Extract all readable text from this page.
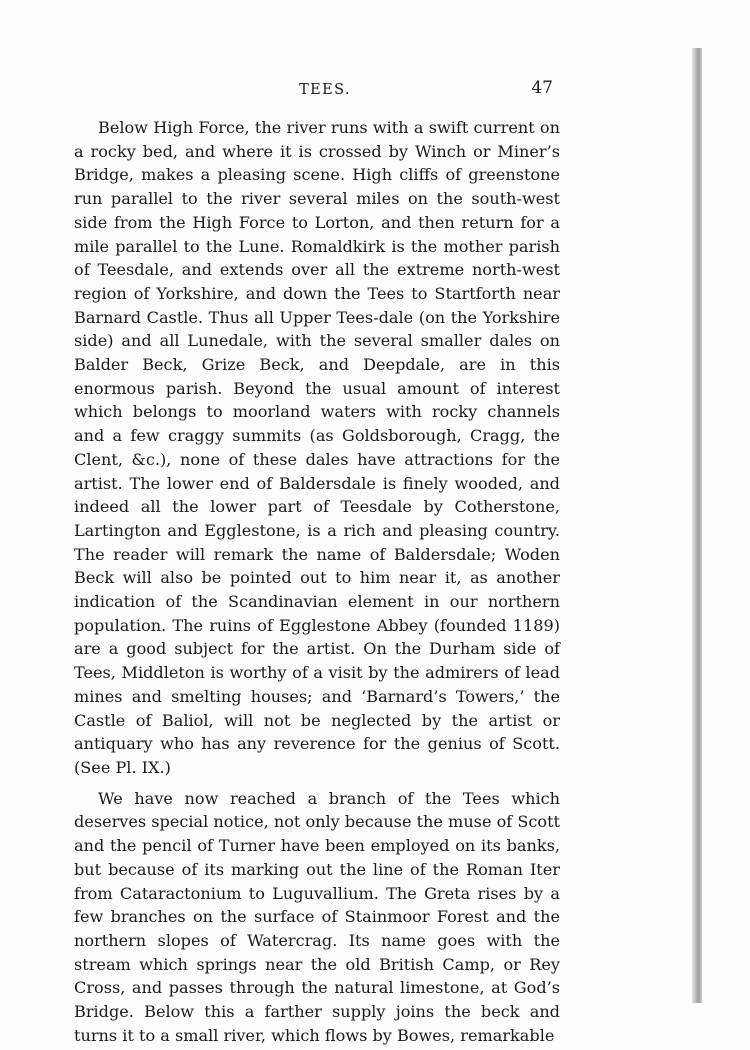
TEES.	47

Below High Force, the river runs with a swift current on a rocky bed, and where it is crossed by Winch or Miner’s Bridge, makes a pleasing scene. High cliffs of greenstone run parallel to the river several miles on the south-west side from the High Force to Lorton, and then return for a mile parallel to the Lune. Romaldkirk is the mother parish of Teesdale, and extends over all the extreme north-west region of Yorkshire, and down the Tees to Startforth near Barnard Castle. Thus all Upper Tees-dale (on the Yorkshire side) and all Lunedale, with the several smaller dales on Balder Beck, Grize Beck, and Deepdale, are in this enormous parish. Beyond the usual amount of interest which belongs to moorland waters with rocky channels and a few craggy summits (as Goldsborough, Cragg, the Clent, &c.), none of these dales have attractions for the artist. The lower end of Baldersdale is finely wooded, and indeed all the lower part of Teesdale by Cotherstone, Lartington and Egglestone, is a rich and pleasing country. The reader will remark the name of Baldersdale; Woden Beck will also be pointed out to him near it, as another indication of the Scandinavian element in our northern population. The ruins of Egglestone Abbey (founded 1189) are a good subject for the artist. On the Durham side of Tees, Middleton is worthy of a visit by the admirers of lead mines and smelting houses; and ‘Barnard’s Towers,’ the Castle of Baliol, will not be neglected by the artist or antiquary who has any reverence for the genius of Scott. (See Pl. IX.)

We have now reached a branch of the Tees which deserves special notice, not only because the muse of Scott and the pencil of Turner have been employed on its banks, but because of its marking out the line of the Roman Iter from Cataractonium to Luguvallium. The Greta rises by a few branches on the surface of Stainmoor Forest and the northern slopes of Watercrag. Its name goes with the stream which springs near the old British Camp, or Rey Cross, and passes through the natural limestone, at God’s Bridge. Below this a farther supply joins the beck and turns it to a small river, which flows by Bowes, remarkable
